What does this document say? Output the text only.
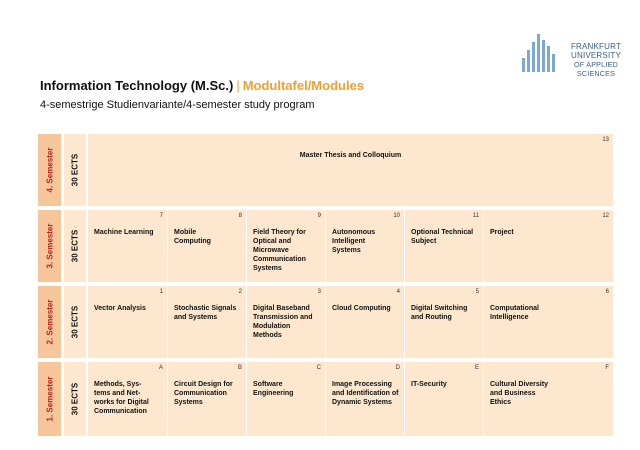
FRANKFURT
UNIVERSITY
OF APPLIED SCIENCES
Information Technology (M.Sc.) | Modultafel/Modules
4-semestrige Studienvariante/4-semester study program
4. Semester 30 ECTS
13
Master Thesis and Colloquium
3. Semester 30 ECTS
7
Machine Learning
8
Mobile Computing
9
Field Theory for Optical and Microwave Communication Systems
10
Autonomous Intelligent Systems
11
Optional Technical Subject
12
Project
2. Semester 30 ECTS
1
Vector Analysis
2
Stochastic Signals and Systems
3
Digital Baseband Transmission and Modulation Methods
4
Cloud Computing
5
Digital Switching and Routing
6
Computational Intelligence
1. Semester 30 ECTS
A
Methods, Sys-tems and Net-works for Digital Communication
B
Circuit Design for Communication Systems
C
Software Engineering
D
Image Processing and Identification of Dynamic Systems
E
IT-Security
F
Cultural Diversity and Business Ethics
